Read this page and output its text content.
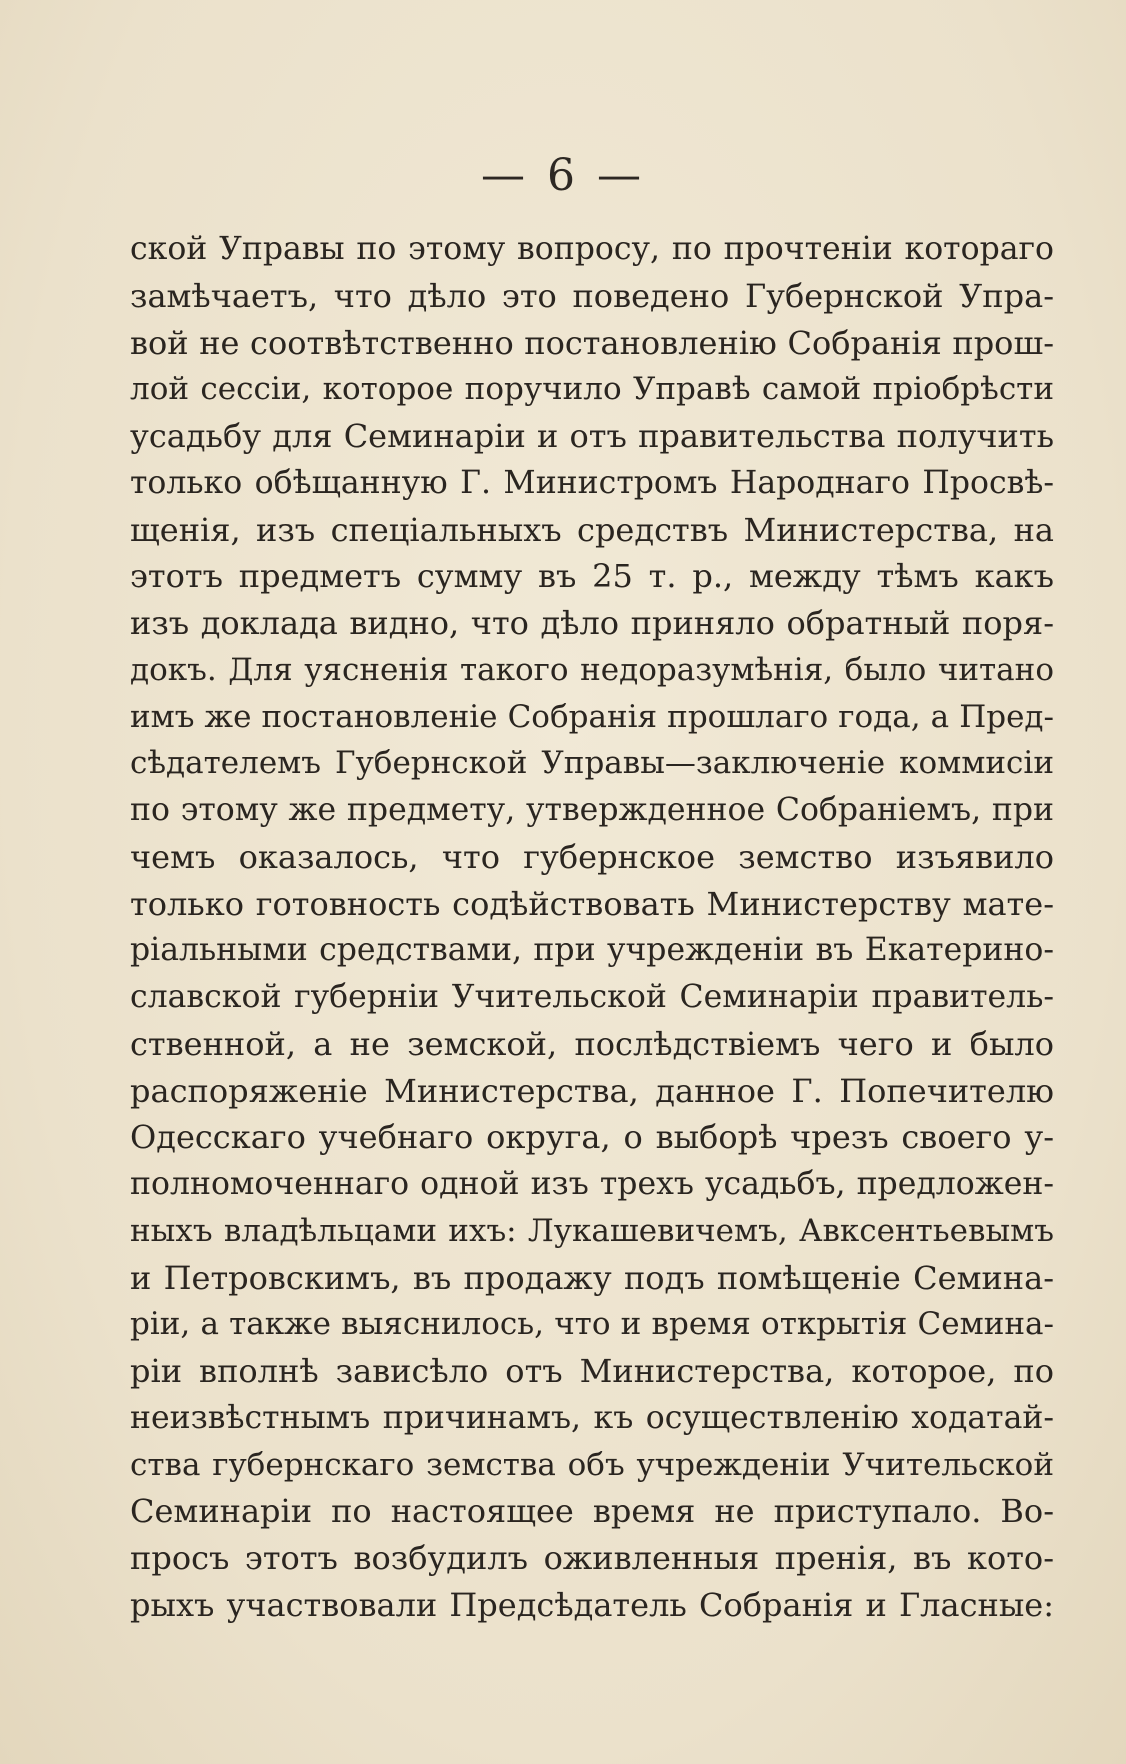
— 6 —
ской Управы по этому вопросу, по прочтеніи котораго
замѣчаетъ, что дѣло это поведено Губернской Упра-
вой не соотвѣтственно постановленію Собранія прош-
лой сессіи, которое поручило Управѣ самой пріобрѣсти
усадьбу для Семинаріи и отъ правительства получить
только обѣщанную Г. Министромъ Народнаго Просвѣ-
щенія, изъ спеціальныхъ средствъ Министерства, на
этотъ предметъ сумму въ 25 т. р., между тѣмъ какъ
изъ доклада видно, что дѣло приняло обратный поря-
докъ. Для уясненія такого недоразумѣнія, было читано
имъ же постановленіе Собранія прошлаго года, а Пред-
сѣдателемъ Губернской Управы—заключеніе коммисіи
по этому же предмету, утвержденное Собраніемъ, при
чемъ оказалось, что губернское земство изъявило
только готовность содѣйствовать Министерству мате-
ріальными средствами, при учрежденіи въ Екатерино-
славской губерніи Учительской Семинаріи правитель-
ственной, а не земской, послѣдствіемъ чего и было
распоряженіе Министерства, данное Г. Попечителю
Одесскаго учебнаго округа, о выборѣ чрезъ своего у-
полномоченнаго одной изъ трехъ усадьбъ, предложен-
ныхъ владѣльцами ихъ: Лукашевичемъ, Авксентьевымъ
и Петровскимъ, въ продажу подъ помѣщеніе Семина-
ріи, а также выяснилось, что и время открытія Семина-
ріи вполнѣ зависѣло отъ Министерства, которое, по
неизвѣстнымъ причинамъ, къ осуществленію ходатай-
ства губернскаго земства объ учрежденіи Учительской
Семинаріи по настоящее время не приступало. Во-
просъ этотъ возбудилъ оживленныя пренія, въ кото-
рыхъ участвовали Предсѣдатель Собранія и Гласные:
